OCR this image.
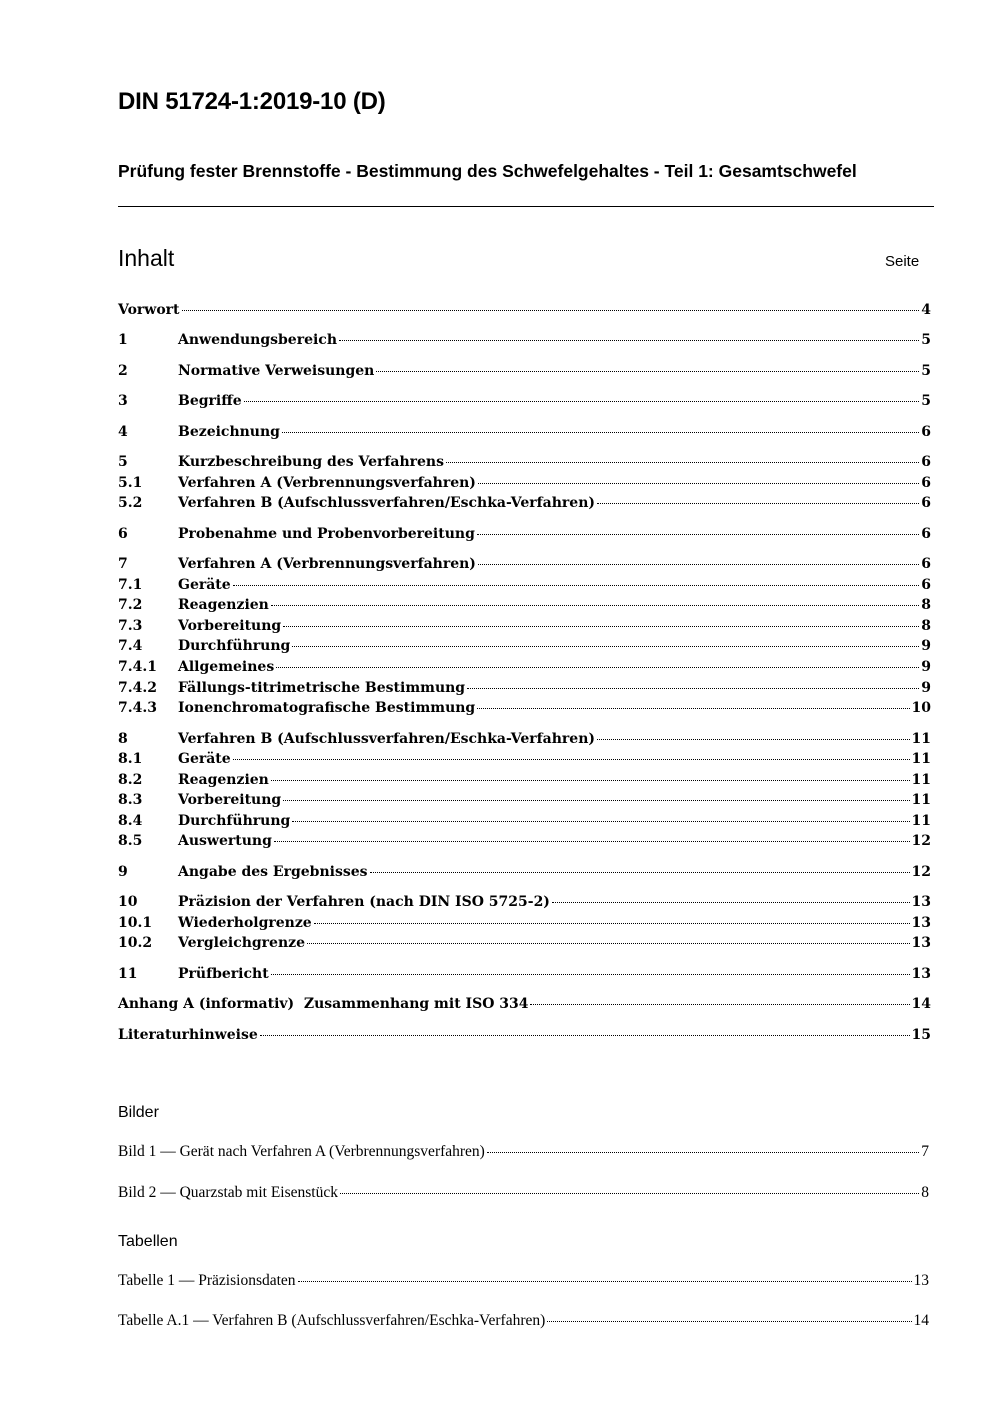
DIN 51724-1:2019-10 (D)
Prüfung fester Brennstoffe - Bestimmung des Schwefelgehaltes - Teil 1: Gesamtschwefel
Inhalt	Seite
Vorwort	4
1	Anwendungsbereich	5
2	Normative Verweisungen	5
3	Begriffe	5
4	Bezeichnung	6
5	Kurzbeschreibung des Verfahrens	6
5.1	Verfahren A (Verbrennungsverfahren)	6
5.2	Verfahren B (Aufschlussverfahren/Eschka-Verfahren)	6
6	Probenahme und Probenvorbereitung	6
7	Verfahren A (Verbrennungsverfahren)	6
7.1	Geräte	6
7.2	Reagenzien	8
7.3	Vorbereitung	8
7.4	Durchführung	9
7.4.1	Allgemeines	9
7.4.2	Fällungs-titrimetrische Bestimmung	9
7.4.3	Ionenchromatografische Bestimmung	10
8	Verfahren B (Aufschlussverfahren/Eschka-Verfahren)	11
8.1	Geräte	11
8.2	Reagenzien	11
8.3	Vorbereitung	11
8.4	Durchführung	11
8.5	Auswertung	12
9	Angabe des Ergebnisses	12
10	Präzision der Verfahren (nach DIN ISO 5725-2)	13
10.1	Wiederholgrenze	13
10.2	Vergleichgrenze	13
11	Prüfbericht	13
Anhang A (informativ)  Zusammenhang mit ISO 334	14
Literaturhinweise	15
Bilder
Bild 1 — Gerät nach Verfahren A (Verbrennungsverfahren)	7
Bild 2 — Quarzstab mit Eisenstück	8
Tabellen
Tabelle 1 — Präzisionsdaten	13
Tabelle A.1 — Verfahren B (Aufschlussverfahren/Eschka-Verfahren)	14
